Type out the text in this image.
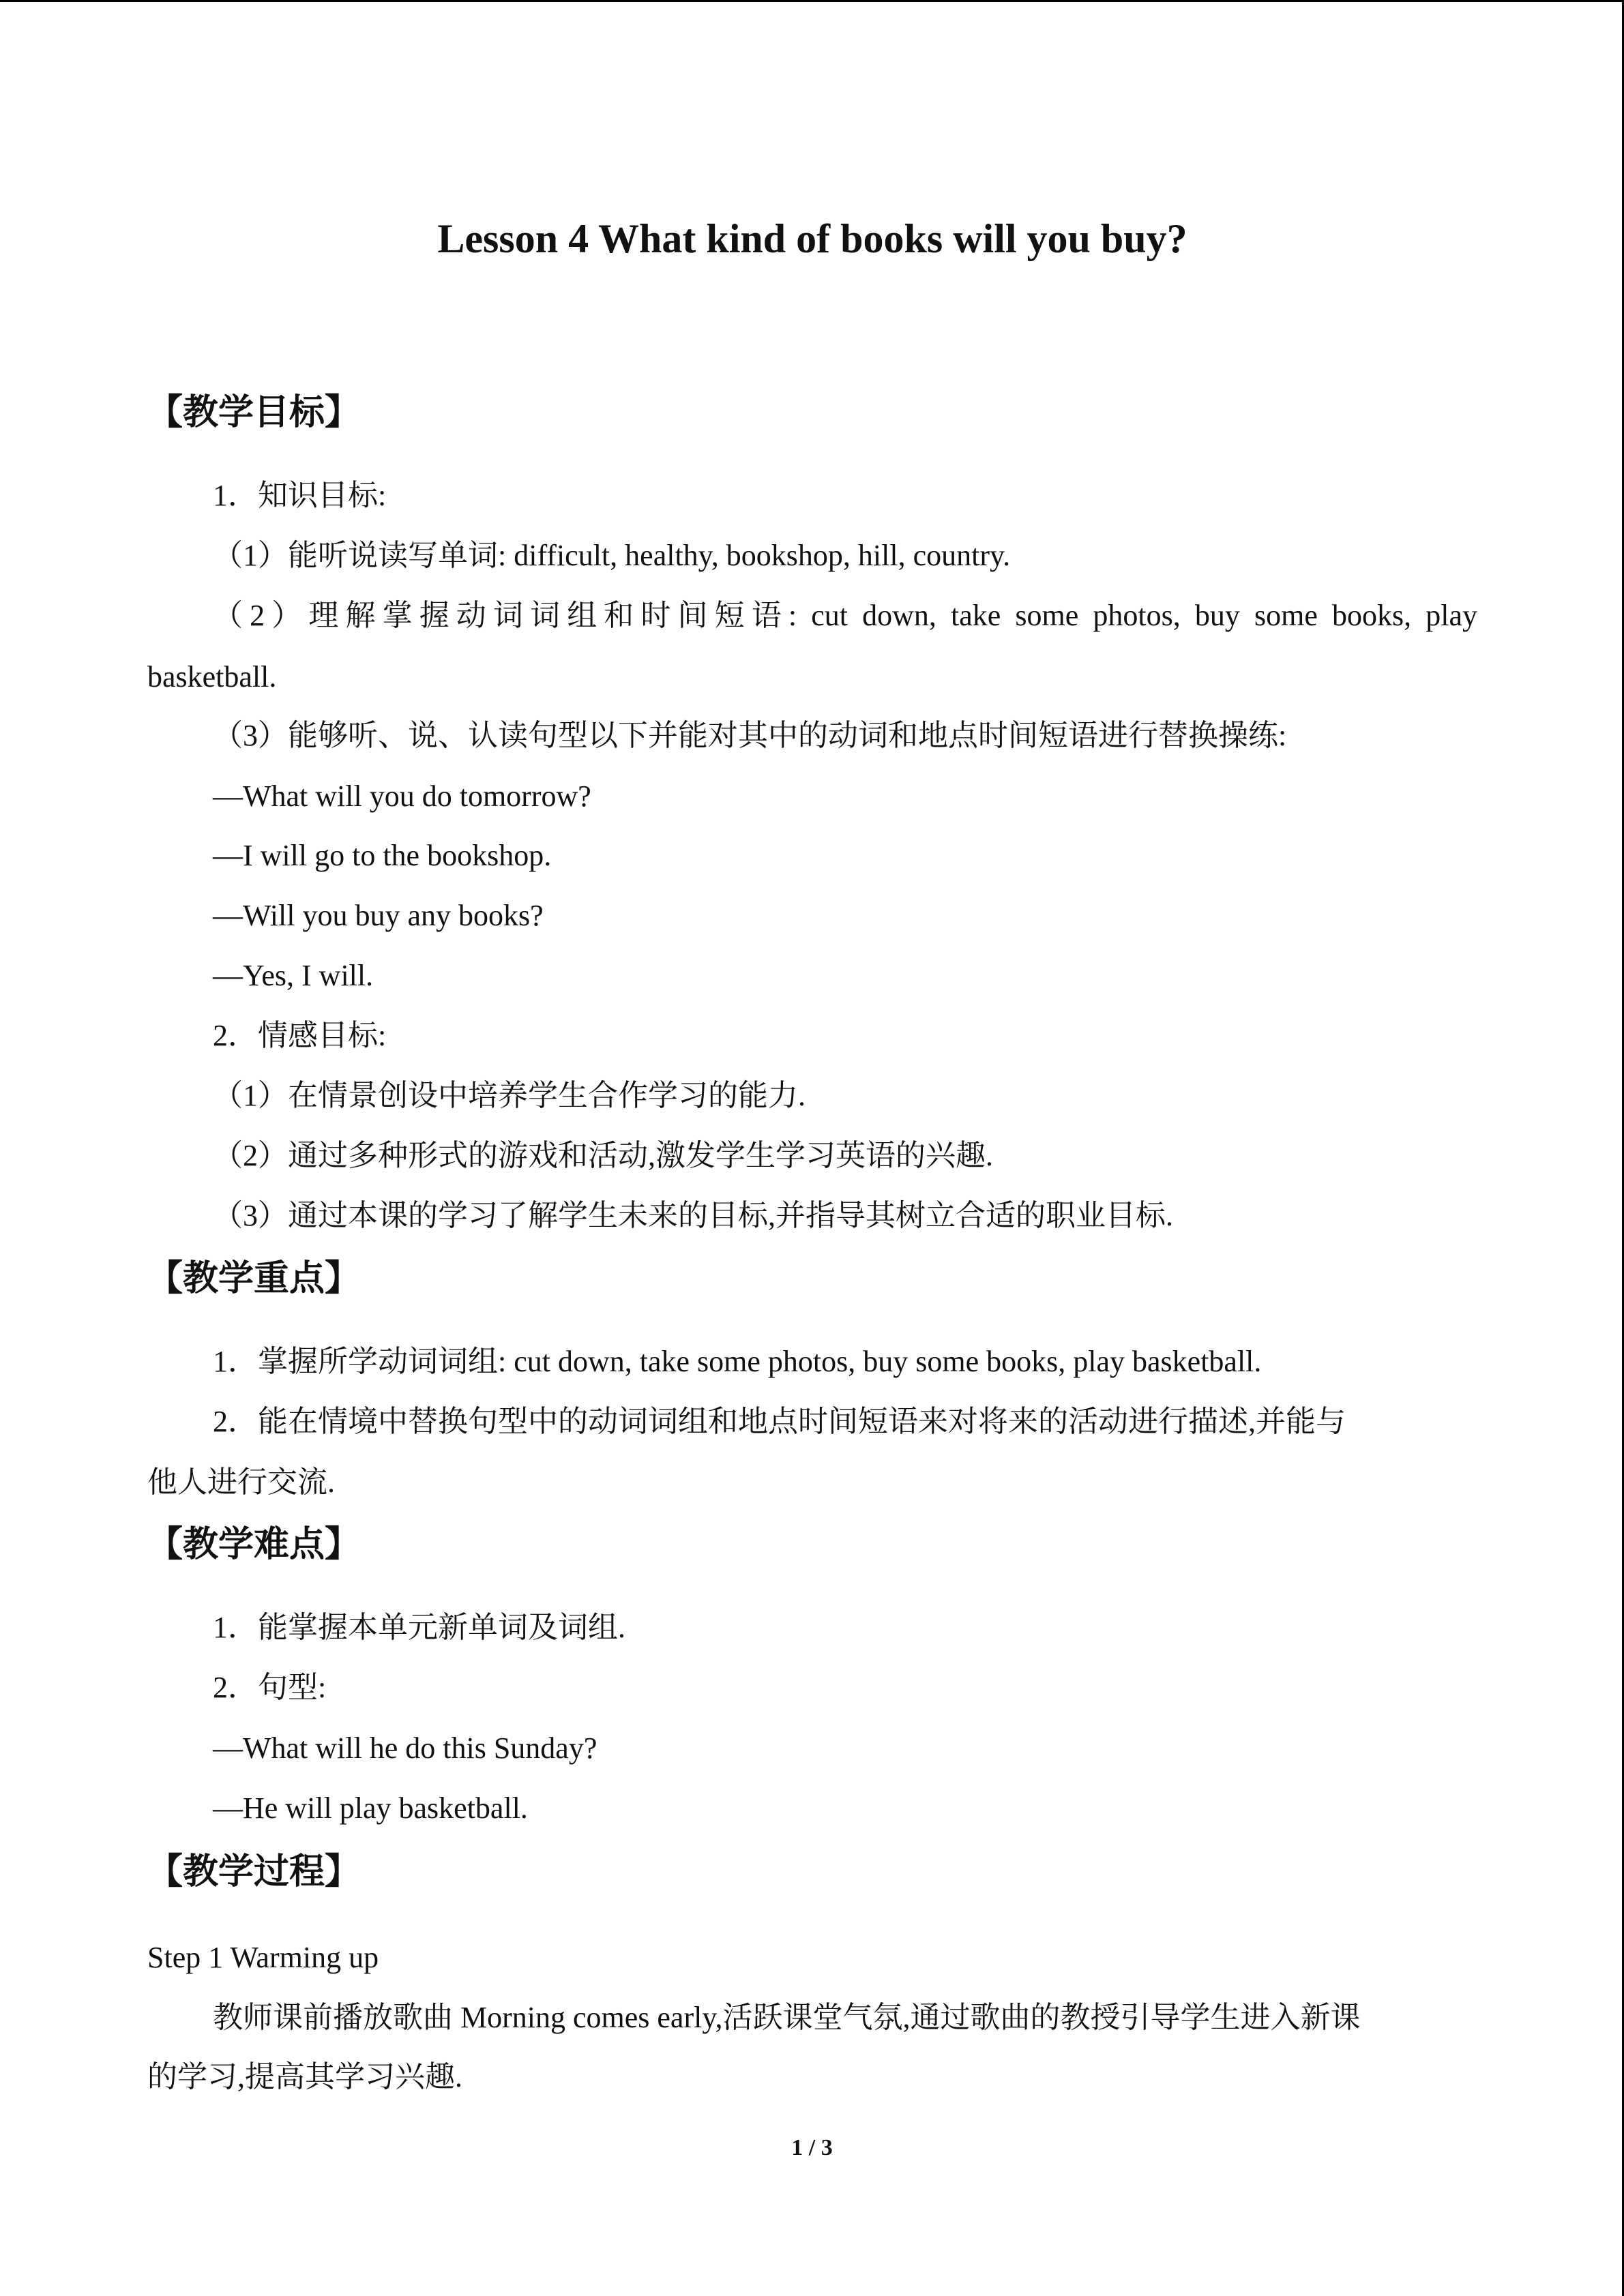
Lesson 4 What kind of books will you buy?
【教学目标】
1．知识目标:
（1）能听说读写单词: difficult, healthy, bookshop, hill, country.
（2）理解掌握动词词组和时间短语: cut down, take some photos, buy some books, play
basketball.
（3）能够听、说、认读句型以下并能对其中的动词和地点时间短语进行替换操练:
—What will you do tomorrow?
—I will go to the bookshop.
—Will you buy any books?
—Yes, I will.
2．情感目标:
（1）在情景创设中培养学生合作学习的能力.
（2）通过多种形式的游戏和活动,激发学生学习英语的兴趣.
（3）通过本课的学习了解学生未来的目标,并指导其树立合适的职业目标.
【教学重点】
1．掌握所学动词词组: cut down, take some photos, buy some books, play basketball.
2．能在情境中替换句型中的动词词组和地点时间短语来对将来的活动进行描述,并能与
他人进行交流.
【教学难点】
1．能掌握本单元新单词及词组.
2．句型:
—What will he do this Sunday?
—He will play basketball.
【教学过程】
Step 1 Warming up
教师课前播放歌曲 Morning comes early,活跃课堂气氛,通过歌曲的教授引导学生进入新课
的学习,提高其学习兴趣.
1 / 3
